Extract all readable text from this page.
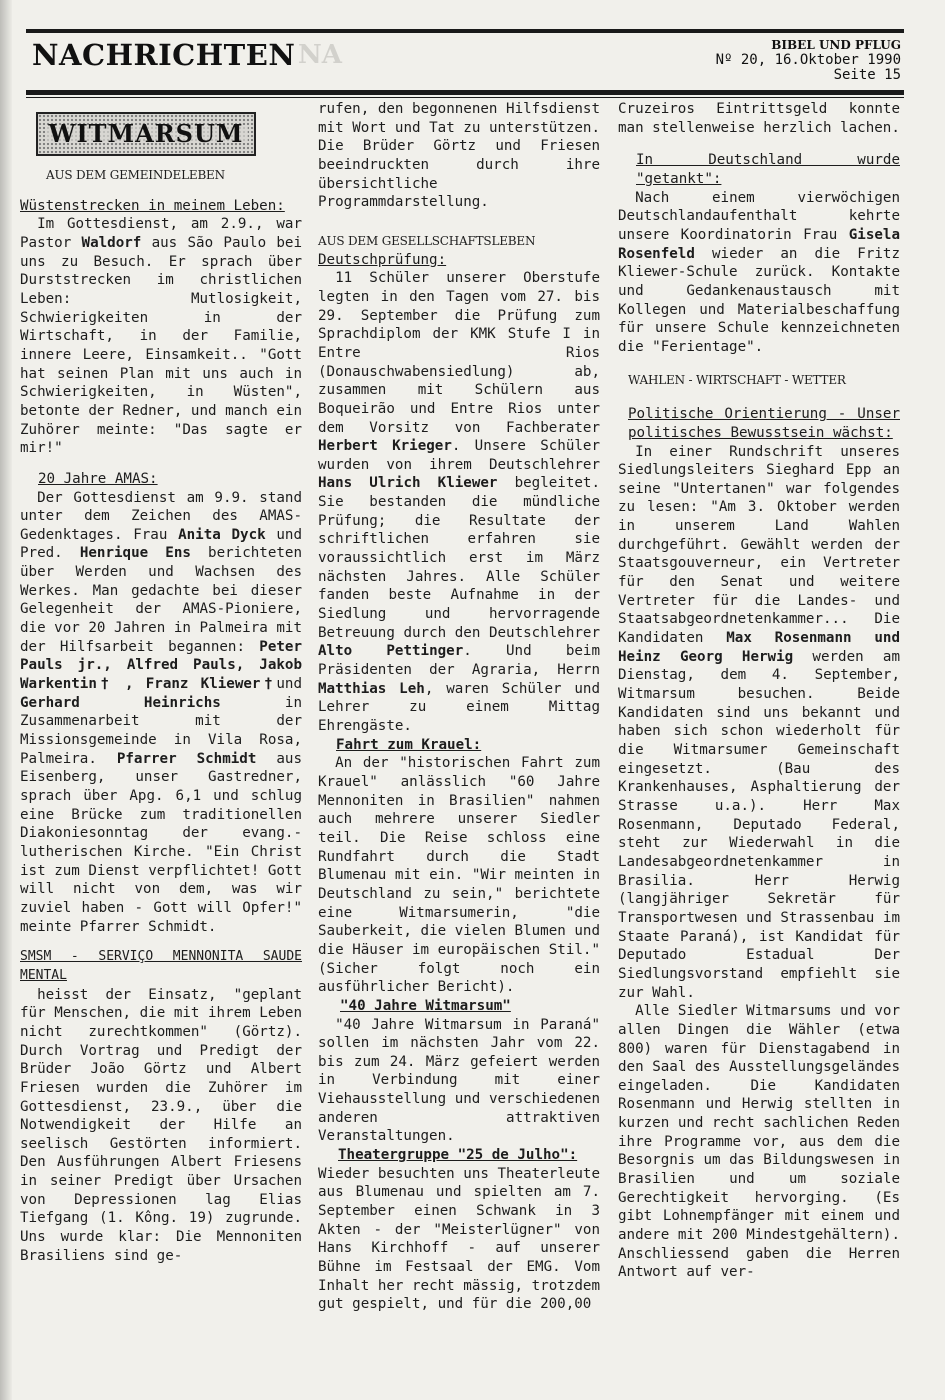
NACHRICHTEN NA	BIBEL UND PFLUG
Nº 20, 16.Oktober 1990
Seite 15
WITMARSUM

AUS DEM GEMEINDELEBEN

Wüstenstrecken in meinem Leben:

Im Gottesdienst, am 2.9., war Pastor Waldorf aus São Paulo bei uns zu Besuch. Er sprach über Durststrecken im christlichen Leben: Mutlosigkeit, Schwierigkeiten in der Wirtschaft, in der Familie, innere Leere, Einsamkeit.. "Gott hat seinen Plan mit uns auch in Schwierigkeiten, in Wüsten", betonte der Redner, und manch ein Zuhörer meinte: "Das sagte er mir!"

20 Jahre AMAS:

Der Gottesdienst am 9.9. stand unter dem Zeichen des AMAS-Gedenktages. Frau Anita Dyck und Pred. Henrique Ens berichteten über Werden und Wachsen des Werkes. Man gedachte bei dieser Gelegenheit der AMAS-Pioniere, die vor 20 Jahren in Palmeira mit der Hilfsarbeit begannen: Peter Pauls jr., Alfred Pauls, Jakob Warkentin† , Franz Kliewer†und Gerhard Heinrichs in Zusammenarbeit mit der Missionsgemeinde in Vila Rosa, Palmeira. Pfarrer Schmidt aus Eisenberg, unser Gastredner, sprach über Apg. 6,1 und schlug eine Brücke zum traditionellen Diakoniesonntag der evang.-lutherischen Kirche. "Ein Christ ist zum Dienst verpflichtet! Gott will nicht von dem, was wir zuviel haben - Gott will Opfer!" meinte Pfarrer Schmidt.

SMSM - SERVIÇO MENNONITA SAUDE MENTAL

heisst der Einsatz, "geplant für Menschen, die mit ihrem Leben nicht zurechtkommen" (Görtz). Durch Vortrag und Predigt der Brüder João Görtz und Albert Friesen wurden die Zuhörer im Gottesdienst, 23.9., über die Notwendigkeit der Hilfe an seelisch Gestörten informiert. Den Ausführungen Albert Friesens in seiner Predigt über Ursachen von Depressionen lag Elias Tiefgang (1. Kông. 19) zugrunde. Uns wurde klar: Die Mennoniten Brasiliens sind ge-

rufen, den begonnenen Hilfsdienst mit Wort und Tat zu unterstützen. Die Brüder Görtz und Friesen beeindruckten durch ihre übersichtliche Programmdarstellung.

AUS DEM GESELLSCHAFTSLEBEN

Deutschprüfung:

11 Schüler unserer Oberstufe legten in den Tagen vom 27. bis 29. September die Prüfung zum Sprachdiplom der KMK Stufe I in Entre Rios (Donauschwabensiedlung) ab, zusammen mit Schülern aus Boqueirão und Entre Rios unter dem Vorsitz von Fachberater Herbert Krieger. Unsere Schüler wurden von ihrem Deutschlehrer Hans Ulrich Kliewer begleitet. Sie bestanden die mündliche Prüfung; die Resultate der schriftlichen erfahren sie voraussichtlich erst im März nächsten Jahres. Alle Schüler fanden beste Aufnahme in der Siedlung und hervorragende Betreuung durch den Deutschlehrer Alto Pettinger. Und beim Präsidenten der Agraria, Herrn Matthias Leh, waren Schüler und Lehrer zu einem Mittag Ehrengäste.

Fahrt zum Krauel:

An der "historischen Fahrt zum Krauel" anlässlich "60 Jahre Mennoniten in Brasilien" nahmen auch mehrere unserer Siedler teil. Die Reise schloss eine Rundfahrt durch die Stadt Blumenau mit ein. "Wir meinten in Deutschland zu sein," berichtete eine Witmarsumerin, "die Sauberkeit, die vielen Blumen und die Häuser im europäischen Stil." (Sicher folgt noch ein ausführlicher Bericht).

"40 Jahre Witmarsum"

"40 Jahre Witmarsum in Paraná" sollen im nächsten Jahr vom 22. bis zum 24. März gefeiert werden in Verbindung mit einer Viehausstellung und verschiedenen anderen attraktiven Veranstaltungen.

Theatergruppe "25 de Julho":

Wieder besuchten uns Theaterleute aus Blumenau und spielten am 7. September einen Schwank in 3 Akten - der "Meisterlügner" von Hans Kirchhoff - auf unserer Bühne im Festsaal der EMG. Vom Inhalt her recht mässig, trotzdem gut gespielt, und für die 200,00

Cruzeiros Eintrittsgeld konnte man stellenweise herzlich lachen.

In Deutschland wurde "getankt":

Nach einem vierwöchigen Deutschlandaufenthalt kehrte unsere Koordinatorin Frau Gisela Rosenfeld wieder an die Fritz Kliewer-Schule zurück. Kontakte und Gedankenaustausch mit Kollegen und Materialbeschaffung für unsere Schule kennzeichneten die "Ferientage".

WAHLEN - WIRTSCHAFT - WETTER

Politische Orientierung - Unser politisches Bewusstsein wächst:

In einer Rundschrift unseres Siedlungsleiters Sieghard Epp an seine "Untertanen" war folgendes zu lesen: "Am 3. Oktober werden in unserem Land Wahlen durchgeführt. Gewählt werden der Staatsgouverneur, ein Vertreter für den Senat und weitere Vertreter für die Landes- und Staatsabgeordnetenkammer... Die Kandidaten Max Rosenmann und Heinz Georg Herwig werden am Dienstag, dem 4. September, Witmarsum besuchen. Beide Kandidaten sind uns bekannt und haben sich schon wiederholt für die Witmarsumer Gemeinschaft eingesetzt. (Bau des Krankenhauses, Asphaltierung der Strasse u.a.). Herr Max Rosenmann, Deputado Federal, steht zur Wiederwahl in die Landesabgeordnetenkammer in Brasilia. Herr Herwig (langjähriger Sekretär für Transportwesen und Strassenbau im Staate Paraná), ist Kandidat für Deputado Estadual Der Siedlungsvorstand empfiehlt sie zur Wahl.

Alle Siedler Witmarsums und vor allen Dingen die Wähler (etwa 800) waren für Dienstagabend in den Saal des Ausstellungsgeländes eingeladen. Die Kandidaten Rosenmann und Herwig stellten in kurzen und recht sachlichen Reden ihre Programme vor, aus dem die Besorgnis um das Bildungswesen in Brasilien und um soziale Gerechtigkeit hervorging. (Es gibt Lohnempfänger mit einem und andere mit 200 Mindestgehältern). Anschliessend gaben die Herren Antwort auf ver-
